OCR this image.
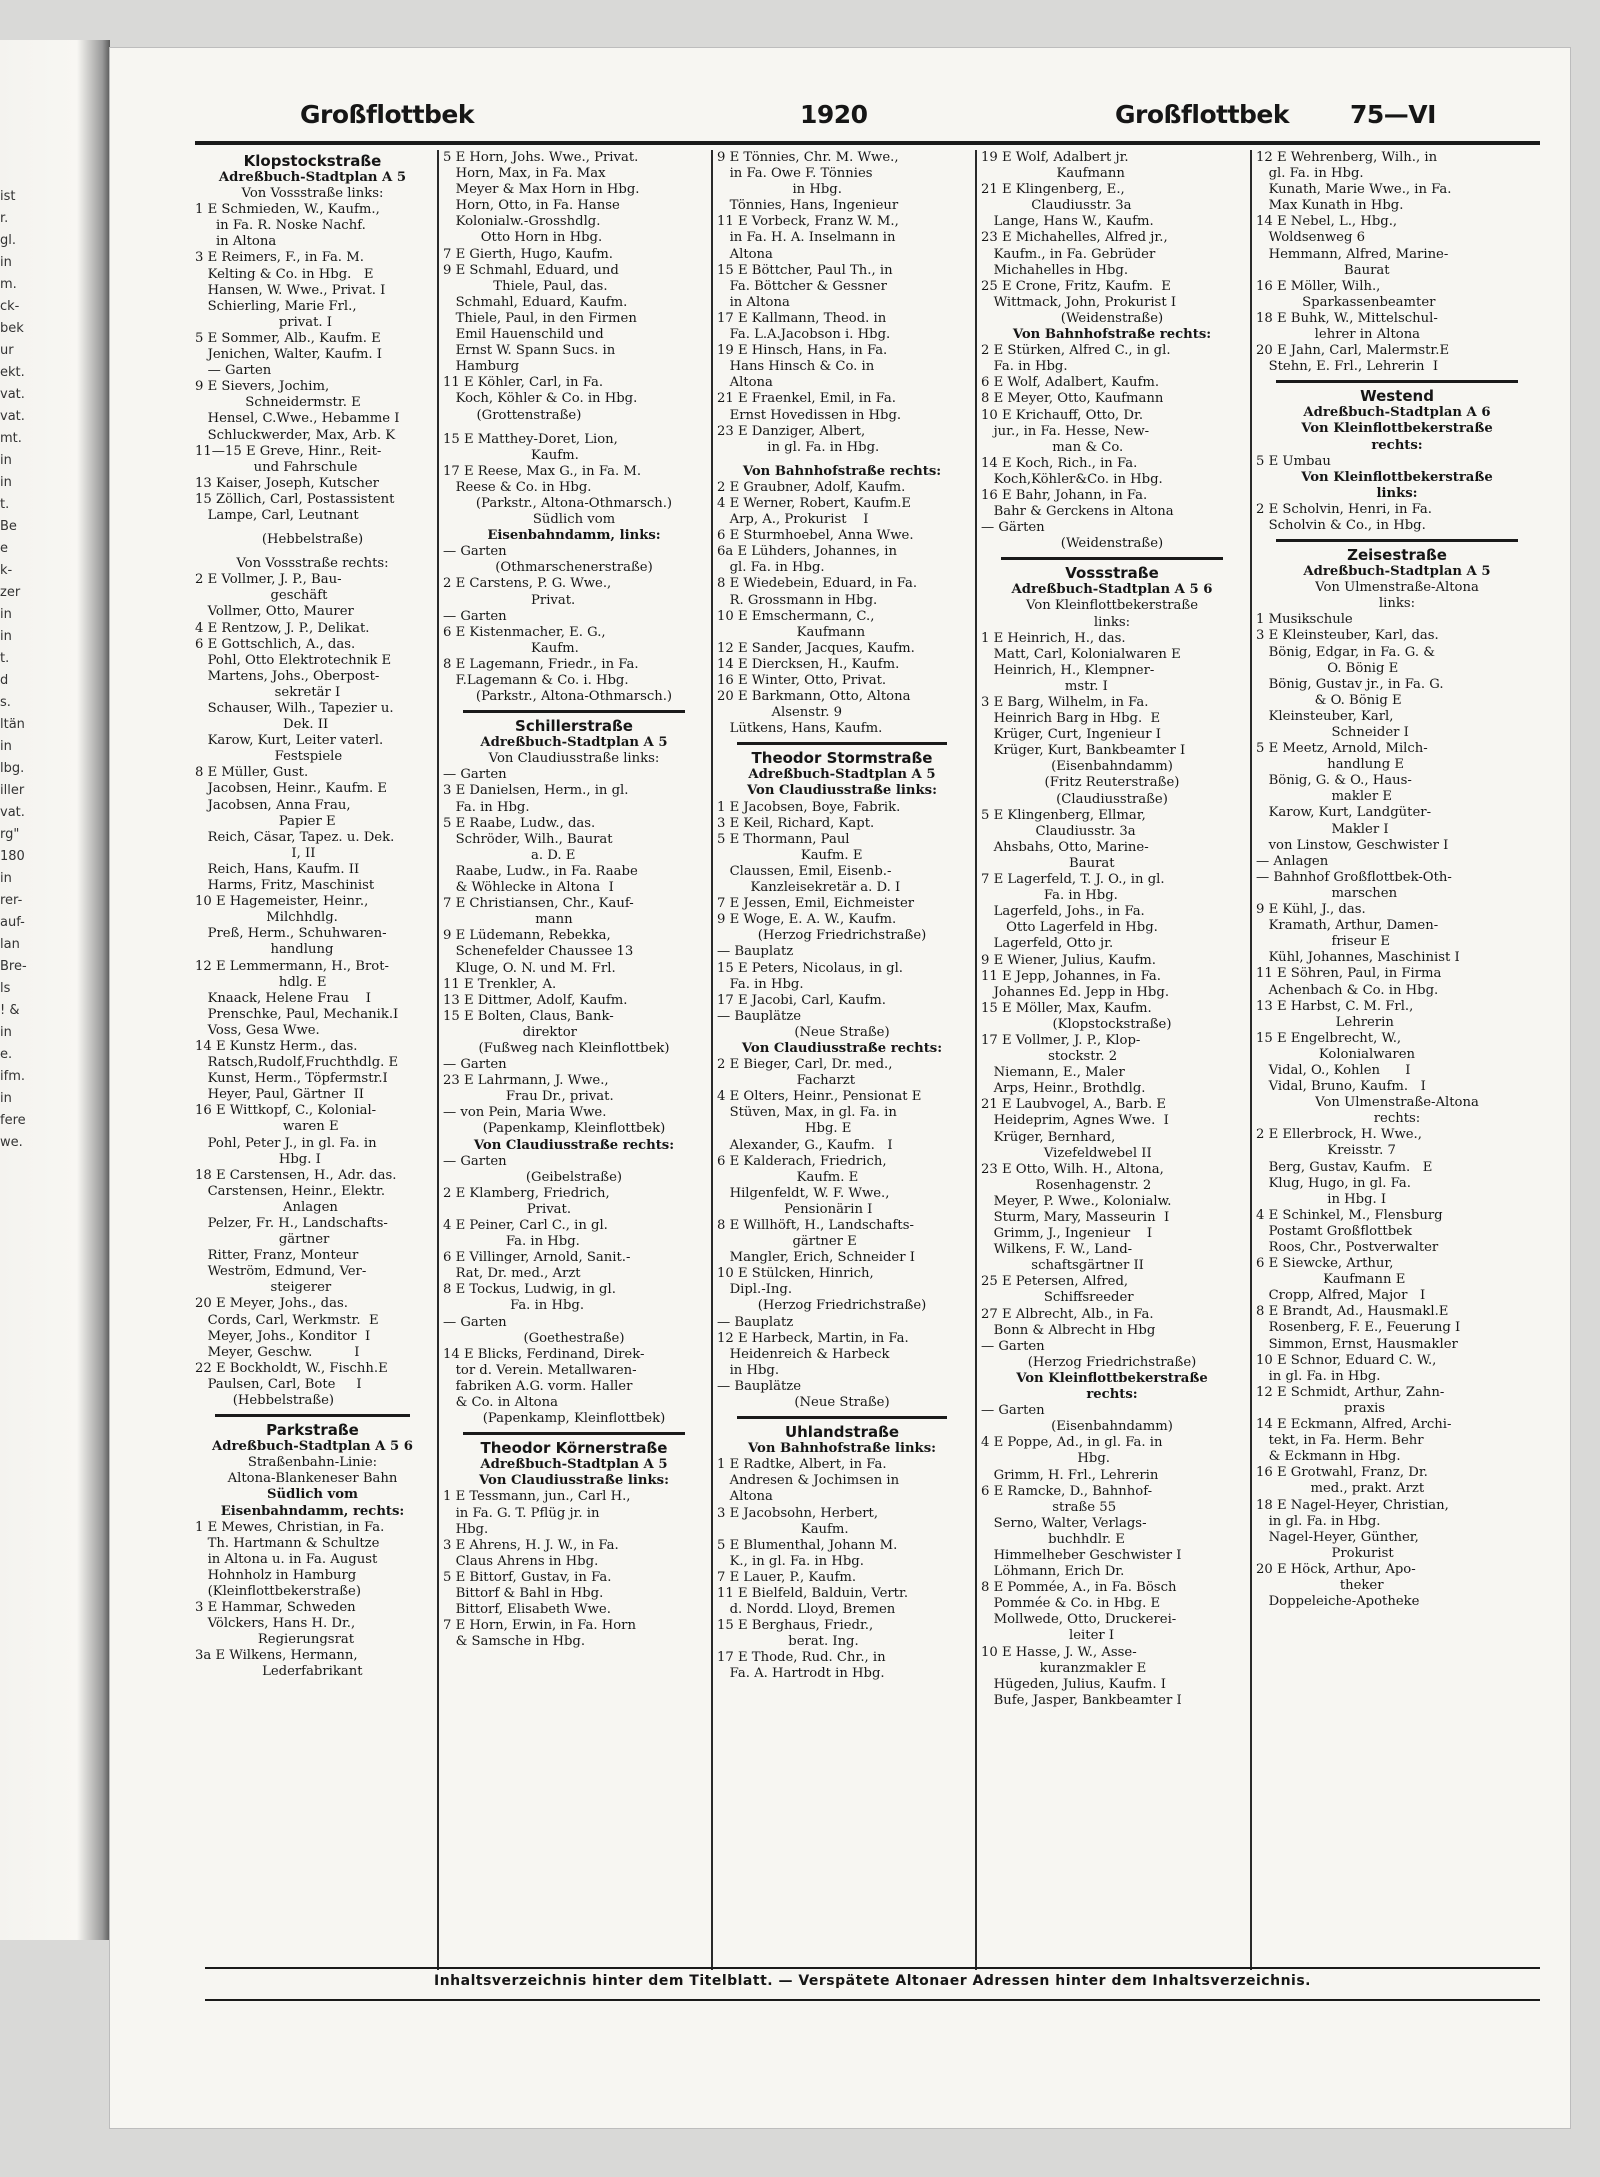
ist
r.
gl.
in
m.
ck-
bek
ur
ekt.
vat.
vat.
mt.
in
in
t.
Be
e
k-
zer
in
in
t.
d
s.
ltän
in
lbg.
iller
vat.
rg"
180
in
rer-
auf-
lan
Bre-
ls
! &
in
e.
ifm.
in
fere
we.
Großflottbek	1920	Großflottbek 75—VI
Klopstockstraße
Adreßbuch-Stadtplan A 5
Von Vossstraße links:
1 E Schmieden, W., Kaufm.,
in Fa. R. Noske Nachf.
in Altona
3 E Reimers, F., in Fa. M.
Kelting & Co. in Hbg.   E
Hansen, W. Wwe., Privat. I
Schierling, Marie Frl.,
privat. I
5 E Sommer, Alb., Kaufm. E
Jenichen, Walter, Kaufm. I
— Garten
9 E Sievers, Jochim,
Schneidermstr. E
Hensel, C.Wwe., Hebamme I
Schluckwerder, Max, Arb. K
11—15 E Greve, Hinr., Reit-
und Fahrschule
13 Kaiser, Joseph, Kutscher
15 Zöllich, Carl, Postassistent
Lampe, Carl, Leutnant
(Hebbelstraße)
Von Vossstraße rechts:
2 E Vollmer, J. P., Bau-
geschäft
Vollmer, Otto, Maurer
4 E Rentzow, J. P., Delikat.
6 E Gottschlich, A., das.
Pohl, Otto Elektrotechnik E
Martens, Johs., Oberpost-
sekretär I
Schauser, Wilh., Tapezier u.
Dek. II
Karow, Kurt, Leiter vaterl.
Festspiele
8 E Müller, Gust.
Jacobsen, Heinr., Kaufm. E
Jacobsen, Anna Frau,
Papier E
Reich, Cäsar, Tapez. u. Dek.
I, II
Reich, Hans, Kaufm. II
Harms, Fritz, Maschinist
10 E Hagemeister, Heinr.,
Milchhdlg.
Preß, Herm., Schuhwaren-
handlung
12 E Lemmermann, H., Brot-
hdlg. E
Knaack, Helene Frau    I
Prenschke, Paul, Mechanik.I
Voss, Gesa Wwe.
14 E Kunstz Herm., das.
Ratsch,Rudolf,Fruchthdlg. E
Kunst, Herm., Töpfermstr.I
Heyer, Paul, Gärtner  II
16 E Wittkopf, C., Kolonial-
waren E
Pohl, Peter J., in gl. Fa. in
Hbg. I
18 E Carstensen, H., Adr. das.
Carstensen, Heinr., Elektr.
Anlagen
Pelzer, Fr. H., Landschafts-
gärtner
Ritter, Franz, Monteur
Weström, Edmund, Ver-
steigerer
20 E Meyer, Johs., das.
Cords, Carl, Werkmstr.  E
Meyer, Johs., Konditor  I
Meyer, Geschw.          I
22 E Bockholdt, W., Fischh.E
Paulsen, Carl, Bote     I
(Hebbelstraße)
Parkstraße
Adreßbuch-Stadtplan A 5 6
Straßenbahn-Linie:
Altona-Blankeneser Bahn
Südlich vom
Eisenbahndamm, rechts:
1 E Mewes, Christian, in Fa.
Th. Hartmann & Schultze
in Altona u. in Fa. August
Hohnholz in Hamburg
(Kleinflottbekerstraße)
3 E Hammar, Schweden
Völckers, Hans H. Dr.,
Regierungsrat
3a E Wilkens, Hermann,
Lederfabrikant
5 E Horn, Johs. Wwe., Privat.
Horn, Max, in Fa. Max
Meyer & Max Horn in Hbg.
Horn, Otto, in Fa. Hanse
Kolonialw.-Grosshdlg.
Otto Horn in Hbg.
7 E Gierth, Hugo, Kaufm.
9 E Schmahl, Eduard, und
Thiele, Paul, das.
Schmahl, Eduard, Kaufm.
Thiele, Paul, in den Firmen
Emil Hauenschild und
Ernst W. Spann Sucs. in
Hamburg
11 E Köhler, Carl, in Fa.
Koch, Köhler & Co. in Hbg.
(Grottenstraße)
15 E Matthey-Doret, Lion,
Kaufm.
17 E Reese, Max G., in Fa. M.
Reese & Co. in Hbg.
(Parkstr., Altona-Othmarsch.)
Südlich vom
Eisenbahndamm, links:
— Garten
(Othmarschenerstraße)
2 E Carstens, P. G. Wwe.,
Privat.
— Garten
6 E Kistenmacher, E. G.,
Kaufm.
8 E Lagemann, Friedr., in Fa.
F.Lagemann & Co. i. Hbg.
(Parkstr., Altona-Othmarsch.)
Schillerstraße
Adreßbuch-Stadtplan A 5
Von Claudiusstraße links:
— Garten
3 E Danielsen, Herm., in gl.
Fa. in Hbg.
5 E Raabe, Ludw., das.
Schröder, Wilh., Baurat
a. D. E
Raabe, Ludw., in Fa. Raabe
& Wöhlecke in Altona  I
7 E Christiansen, Chr., Kauf-
mann
9 E Lüdemann, Rebekka,
Schenefelder Chaussee 13
Kluge, O. N. und M. Frl.
11 E Trenkler, A.
13 E Dittmer, Adolf, Kaufm.
15 E Bolten, Claus, Bank-
direktor
(Fußweg nach Kleinflottbek)
— Garten
23 E Lahrmann, J. Wwe.,
Frau Dr., privat.
— von Pein, Maria Wwe.
(Papenkamp, Kleinflottbek)
Von Claudiusstraße rechts:
— Garten
(Geibelstraße)
2 E Klamberg, Friedrich,
Privat.
4 E Peiner, Carl C., in gl.
Fa. in Hbg.
6 E Villinger, Arnold, Sanit.-
Rat, Dr. med., Arzt
8 E Tockus, Ludwig, in gl.
Fa. in Hbg.
— Garten
(Goethestraße)
14 E Blicks, Ferdinand, Direk-
tor d. Verein. Metallwaren-
fabriken A.G. vorm. Haller
& Co. in Altona
(Papenkamp, Kleinflottbek)
Theodor Körnerstraße
Adreßbuch-Stadtplan A 5
Von Claudiusstraße links:
1 E Tessmann, jun., Carl H.,
in Fa. G. T. Pflüg jr. in
Hbg.
3 E Ahrens, H. J. W., in Fa.
Claus Ahrens in Hbg.
5 E Bittorf, Gustav, in Fa.
Bittorf & Bahl in Hbg.
Bittorf, Elisabeth Wwe.
7 E Horn, Erwin, in Fa. Horn
& Samsche in Hbg.
9 E Tönnies, Chr. M. Wwe.,
in Fa. Owe F. Tönnies
in Hbg.
Tönnies, Hans, Ingenieur
11 E Vorbeck, Franz W. M.,
in Fa. H. A. Inselmann in
Altona
15 E Böttcher, Paul Th., in
Fa. Böttcher & Gessner
in Altona
17 E Kallmann, Theod. in
Fa. L.A.Jacobson i. Hbg.
19 E Hinsch, Hans, in Fa.
Hans Hinsch & Co. in
Altona
21 E Fraenkel, Emil, in Fa.
Ernst Hovedissen in Hbg.
23 E Danziger, Albert,
in gl. Fa. in Hbg.
Von Bahnhofstraße rechts:
2 E Graubner, Adolf, Kaufm.
4 E Werner, Robert, Kaufm.E
Arp, A., Prokurist    I
6 E Sturmhoebel, Anna Wwe.
6a E Lühders, Johannes, in
gl. Fa. in Hbg.
8 E Wiedebein, Eduard, in Fa.
R. Grossmann in Hbg.
10 E Emschermann, C.,
Kaufmann
12 E Sander, Jacques, Kaufm.
14 E Diercksen, H., Kaufm.
16 E Winter, Otto, Privat.
20 E Barkmann, Otto, Altona
Alsenstr. 9
Lütkens, Hans, Kaufm.
Theodor Stormstraße
Adreßbuch-Stadtplan A 5
Von Claudiusstraße links:
1 E Jacobsen, Boye, Fabrik.
3 E Keil, Richard, Kapt.
5 E Thormann, Paul
Kaufm. E
Claussen, Emil, Eisenb.-
Kanzleisekretär a. D. I
7 E Jessen, Emil, Eichmeister
9 E Woge, E. A. W., Kaufm.
(Herzog Friedrichstraße)
— Bauplatz
15 E Peters, Nicolaus, in gl.
Fa. in Hbg.
17 E Jacobi, Carl, Kaufm.
— Bauplätze
(Neue Straße)
Von Claudiusstraße rechts:
2 E Bieger, Carl, Dr. med.,
Facharzt
4 E Olters, Heinr., Pensionat E
Stüven, Max, in gl. Fa. in
Hbg. E
Alexander, G., Kaufm.   I
6 E Kalderach, Friedrich,
Kaufm. E
Hilgenfeldt, W. F. Wwe.,
Pensionärin I
8 E Willhöft, H., Landschafts-
gärtner E
Mangler, Erich, Schneider I
10 E Stülcken, Hinrich,
Dipl.-Ing.
(Herzog Friedrichstraße)
— Bauplatz
12 E Harbeck, Martin, in Fa.
Heidenreich & Harbeck
in Hbg.
— Bauplätze
(Neue Straße)
Uhlandstraße
Von Bahnhofstraße links:
1 E Radtke, Albert, in Fa.
Andresen & Jochimsen in
Altona
3 E Jacobsohn, Herbert,
Kaufm.
5 E Blumenthal, Johann M.
K., in gl. Fa. in Hbg.
7 E Lauer, P., Kaufm.
11 E Bielfeld, Balduin, Vertr.
d. Nordd. Lloyd, Bremen
15 E Berghaus, Friedr.,
berat. Ing.
17 E Thode, Rud. Chr., in
Fa. A. Hartrodt in Hbg.
19 E Wolf, Adalbert jr.
Kaufmann
21 E Klingenberg, E.,
Claudiusstr. 3a
Lange, Hans W., Kaufm.
23 E Michahelles, Alfred jr.,
Kaufm., in Fa. Gebrüder
Michahelles in Hbg.
25 E Crone, Fritz, Kaufm.  E
Wittmack, John, Prokurist I
(Weidenstraße)
Von Bahnhofstraße rechts:
2 E Stürken, Alfred C., in gl.
Fa. in Hbg.
6 E Wolf, Adalbert, Kaufm.
8 E Meyer, Otto, Kaufmann
10 E Krichauff, Otto, Dr.
jur., in Fa. Hesse, New-
man & Co.
14 E Koch, Rich., in Fa.
Koch,Köhler&Co. in Hbg.
16 E Bahr, Johann, in Fa.
Bahr & Gerckens in Altona
— Gärten
(Weidenstraße)
Vossstraße
Adreßbuch-Stadtplan A 5 6
Von Kleinflottbekerstraße
links:
1 E Heinrich, H., das.
Matt, Carl, Kolonialwaren E
Heinrich, H., Klempner-
mstr. I
3 E Barg, Wilhelm, in Fa.
Heinrich Barg in Hbg.  E
Krüger, Curt, Ingenieur I
Krüger, Kurt, Bankbeamter I
(Eisenbahndamm)
(Fritz Reuterstraße)
(Claudiusstraße)
5 E Klingenberg, Ellmar,
Claudiusstr. 3a
Ahsbahs, Otto, Marine-
Baurat
7 E Lagerfeld, T. J. O., in gl.
Fa. in Hbg.
Lagerfeld, Johs., in Fa.
Otto Lagerfeld in Hbg.
Lagerfeld, Otto jr.
9 E Wiener, Julius, Kaufm.
11 E Jepp, Johannes, in Fa.
Johannes Ed. Jepp in Hbg.
15 E Möller, Max, Kaufm.
(Klopstockstraße)
17 E Vollmer, J. P., Klop-
stockstr. 2
Niemann, E., Maler
Arps, Heinr., Brothdlg.
21 E Laubvogel, A., Barb. E
Heideprim, Agnes Wwe.  I
Krüger, Bernhard,
Vizefeldwebel II
23 E Otto, Wilh. H., Altona,
Rosenhagenstr. 2
Meyer, P. Wwe., Kolonialw.
Sturm, Mary, Masseurin  I
Grimm, J., Ingenieur    I
Wilkens, F. W., Land-
schaftsgärtner II
25 E Petersen, Alfred,
Schiffsreeder
27 E Albrecht, Alb., in Fa.
Bonn & Albrecht in Hbg
— Garten
(Herzog Friedrichstraße)
Von Kleinflottbekerstraße
rechts:
— Garten
(Eisenbahndamm)
4 E Poppe, Ad., in gl. Fa. in
Hbg.
Grimm, H. Frl., Lehrerin
6 E Ramcke, D., Bahnhof-
straße 55
Serno, Walter, Verlags-
buchhdlr. E
Himmelheber Geschwister I
Löhmann, Erich Dr.
8 E Pommée, A., in Fa. Bösch
Pommée & Co. in Hbg. E
Mollwede, Otto, Druckerei-
leiter I
10 E Hasse, J. W., Asse-
kuranzmakler E
Hügeden, Julius, Kaufm. I
Bufe, Jasper, Bankbeamter I
12 E Wehrenberg, Wilh., in
gl. Fa. in Hbg.
Kunath, Marie Wwe., in Fa.
Max Kunath in Hbg.
14 E Nebel, L., Hbg.,
Woldsenweg 6
Hemmann, Alfred, Marine-
Baurat
16 E Möller, Wilh.,
Sparkassenbeamter
18 E Buhk, W., Mittelschul-
lehrer in Altona
20 E Jahn, Carl, Malermstr.E
Stehn, E. Frl., Lehrerin  I
Westend
Adreßbuch-Stadtplan A 6
Von Kleinflottbekerstraße
rechts:
5 E Umbau
Von Kleinflottbekerstraße
links:
2 E Scholvin, Henri, in Fa.
Scholvin & Co., in Hbg.
Zeisestraße
Adreßbuch-Stadtplan A 5
Von Ulmenstraße-Altona
links:
1 Musikschule
3 E Kleinsteuber, Karl, das.
Bönig, Edgar, in Fa. G. &
O. Bönig E
Bönig, Gustav jr., in Fa. G.
& O. Bönig E
Kleinsteuber, Karl,
Schneider I
5 E Meetz, Arnold, Milch-
handlung E
Bönig, G. & O., Haus-
makler E
Karow, Kurt, Landgüter-
Makler I
von Linstow, Geschwister I
— Anlagen
— Bahnhof Großflottbek-Oth-
marschen
9 E Kühl, J., das.
Kramath, Arthur, Damen-
friseur E
Kühl, Johannes, Maschinist I
11 E Söhren, Paul, in Firma
Achenbach & Co. in Hbg.
13 E Harbst, C. M. Frl.,
Lehrerin
15 E Engelbrecht, W.,
Kolonialwaren
Vidal, O., Kohlen      I
Vidal, Bruno, Kaufm.   I
Von Ulmenstraße-Altona
rechts:
2 E Ellerbrock, H. Wwe.,
Kreisstr. 7
Berg, Gustav, Kaufm.   E
Klug, Hugo, in gl. Fa.
in Hbg. I
4 E Schinkel, M., Flensburg
Postamt Großflottbek
Roos, Chr., Postverwalter
6 E Siewcke, Arthur,
Kaufmann E
Cropp, Alfred, Major   I
8 E Brandt, Ad., Hausmakl.E
Rosenberg, F. E., Feuerung I
Simmon, Ernst, Hausmakler
10 E Schnor, Eduard C. W.,
in gl. Fa. in Hbg.
12 E Schmidt, Arthur, Zahn-
praxis
14 E Eckmann, Alfred, Archi-
tekt, in Fa. Herm. Behr
& Eckmann in Hbg.
16 E Grotwahl, Franz, Dr.
med., prakt. Arzt
18 E Nagel-Heyer, Christian,
in gl. Fa. in Hbg.
Nagel-Heyer, Günther,
Prokurist
20 E Höck, Arthur, Apo-
theker
Doppeleiche-Apotheke
Inhaltsverzeichnis hinter dem Titelblatt. — Verspätete Altonaer Adressen hinter dem Inhaltsverzeichnis.
